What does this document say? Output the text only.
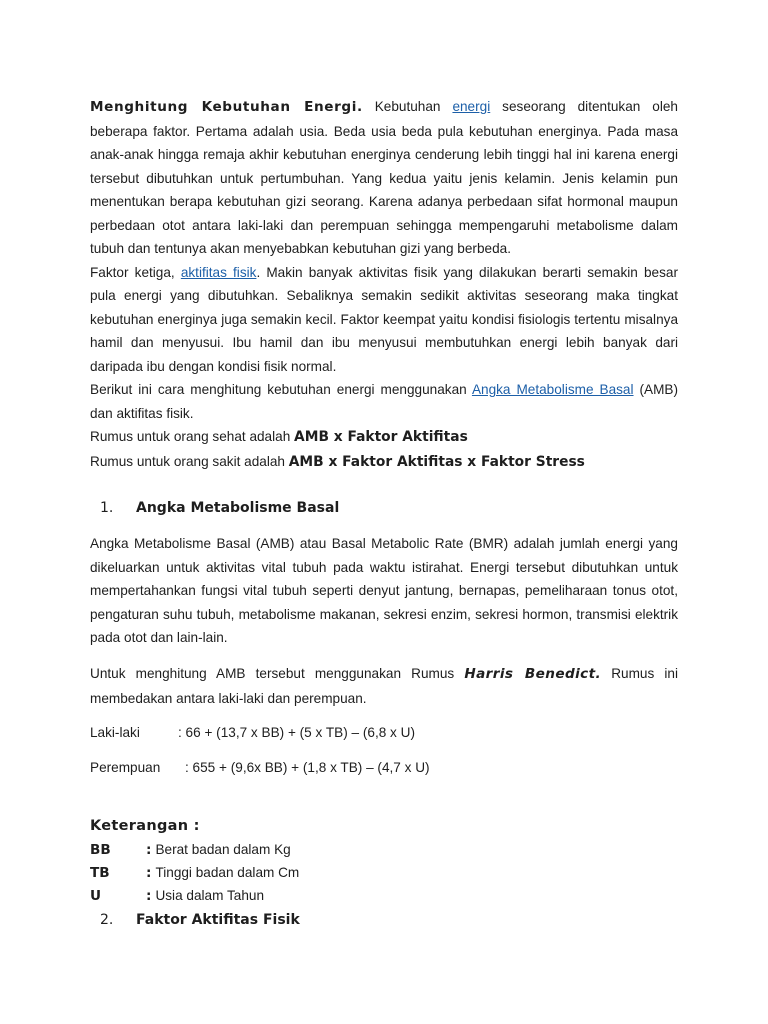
Menghitung Kebutuhan Energi. Kebutuhan energi seseorang ditentukan oleh beberapa faktor. Pertama adalah usia. Beda usia beda pula kebutuhan energinya. Pada masa anak-anak hingga remaja akhir kebutuhan energinya cenderung lebih tinggi hal ini karena energi tersebut dibutuhkan untuk pertumbuhan. Yang kedua yaitu jenis kelamin. Jenis kelamin pun menentukan berapa kebutuhan gizi seorang. Karena adanya perbedaan sifat hormonal maupun perbedaan otot antara laki-laki dan perempuan sehingga mempengaruhi metabolisme dalam tubuh dan tentunya akan menyebabkan kebutuhan gizi yang berbeda.

Faktor ketiga, aktifitas fisik. Makin banyak aktivitas fisik yang dilakukan berarti semakin besar pula energi yang dibutuhkan. Sebaliknya semakin sedikit aktivitas seseorang maka tingkat kebutuhan energinya juga semakin kecil. Faktor keempat yaitu kondisi fisiologis tertentu misalnya hamil dan menyusui. Ibu hamil dan ibu menyusui membutuhkan energi lebih banyak dari daripada ibu dengan kondisi fisik normal.

Berikut ini cara menghitung kebutuhan energi menggunakan Angka Metabolisme Basal (AMB) dan aktifitas fisik.

Rumus untuk orang sehat adalah AMB x Faktor Aktifitas

Rumus untuk orang sakit adalah AMB x Faktor Aktifitas x Faktor Stress

1. Angka Metabolisme Basal

Angka Metabolisme Basal (AMB) atau Basal Metabolic Rate (BMR) adalah jumlah energi yang dikeluarkan untuk aktivitas vital tubuh pada waktu istirahat. Energi tersebut dibutuhkan untuk mempertahankan fungsi vital tubuh seperti denyut jantung, bernapas, pemeliharaan tonus otot, pengaturan suhu tubuh, metabolisme makanan, sekresi enzim, sekresi hormon, transmisi elektrik pada otot dan lain-lain.

Untuk menghitung AMB tersebut menggunakan Rumus Harris Benedict. Rumus ini membedakan antara laki-laki dan perempuan.

Laki-laki	: 66 + (13,7 x BB) + (5 x TB) – (6,8 x U)
Perempuan : 655 + (9,6x BB) + (1,8 x TB) – (4,7 x U)
Keterangan :
BB	: Berat badan dalam Kg
TB	: Tinggi badan dalam Cm
U	: Usia dalam Tahun
2. Faktor Aktifitas Fisik
